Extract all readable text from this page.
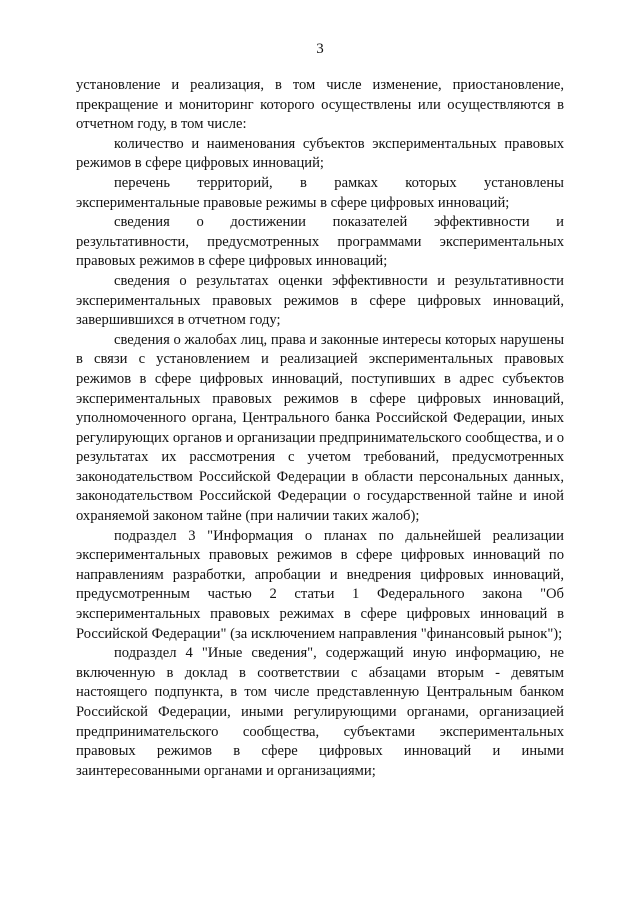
3

установление и реализация, в том числе изменение, приостановление, прекращение и мониторинг которого осуществлены или осуществляются в отчетном году, в том числе:

количество и наименования субъектов экспериментальных правовых режимов в сфере цифровых инноваций;

перечень территорий, в рамках которых установлены экспериментальные правовые режимы в сфере цифровых инноваций;

сведения о достижении показателей эффективности и результативности, предусмотренных программами экспериментальных правовых режимов в сфере цифровых инноваций;

сведения о результатах оценки эффективности и результативности экспериментальных правовых режимов в сфере цифровых инноваций, завершившихся в отчетном году;

сведения о жалобах лиц, права и законные интересы которых нарушены в связи с установлением и реализацией экспериментальных правовых режимов в сфере цифровых инноваций, поступивших в адрес субъектов экспериментальных правовых режимов в сфере цифровых инноваций, уполномоченного органа, Центрального банка Российской Федерации, иных регулирующих органов и организации предпринимательского сообщества, и о результатах их рассмотрения с учетом требований, предусмотренных законодательством Российской Федерации в области персональных данных, законодательством Российской Федерации о государственной тайне и иной охраняемой законом тайне (при наличии таких жалоб);

подраздел 3 "Информация о планах по дальнейшей реализации экспериментальных правовых режимов в сфере цифровых инноваций по направлениям разработки, апробации и внедрения цифровых инноваций, предусмотренным частью 2 статьи 1 Федерального закона "Об экспериментальных правовых режимах в сфере цифровых инноваций в Российской Федерации" (за исключением направления "финансовый рынок");

подраздел 4 "Иные сведения", содержащий иную информацию, не включенную в доклад в соответствии с абзацами вторым - девятым настоящего подпункта, в том числе представленную Центральным банком Российской Федерации, иными регулирующими органами, организацией предпринимательского сообщества, субъектами экспериментальных правовых режимов в сфере цифровых инноваций и иными заинтересованными органами и организациями;
